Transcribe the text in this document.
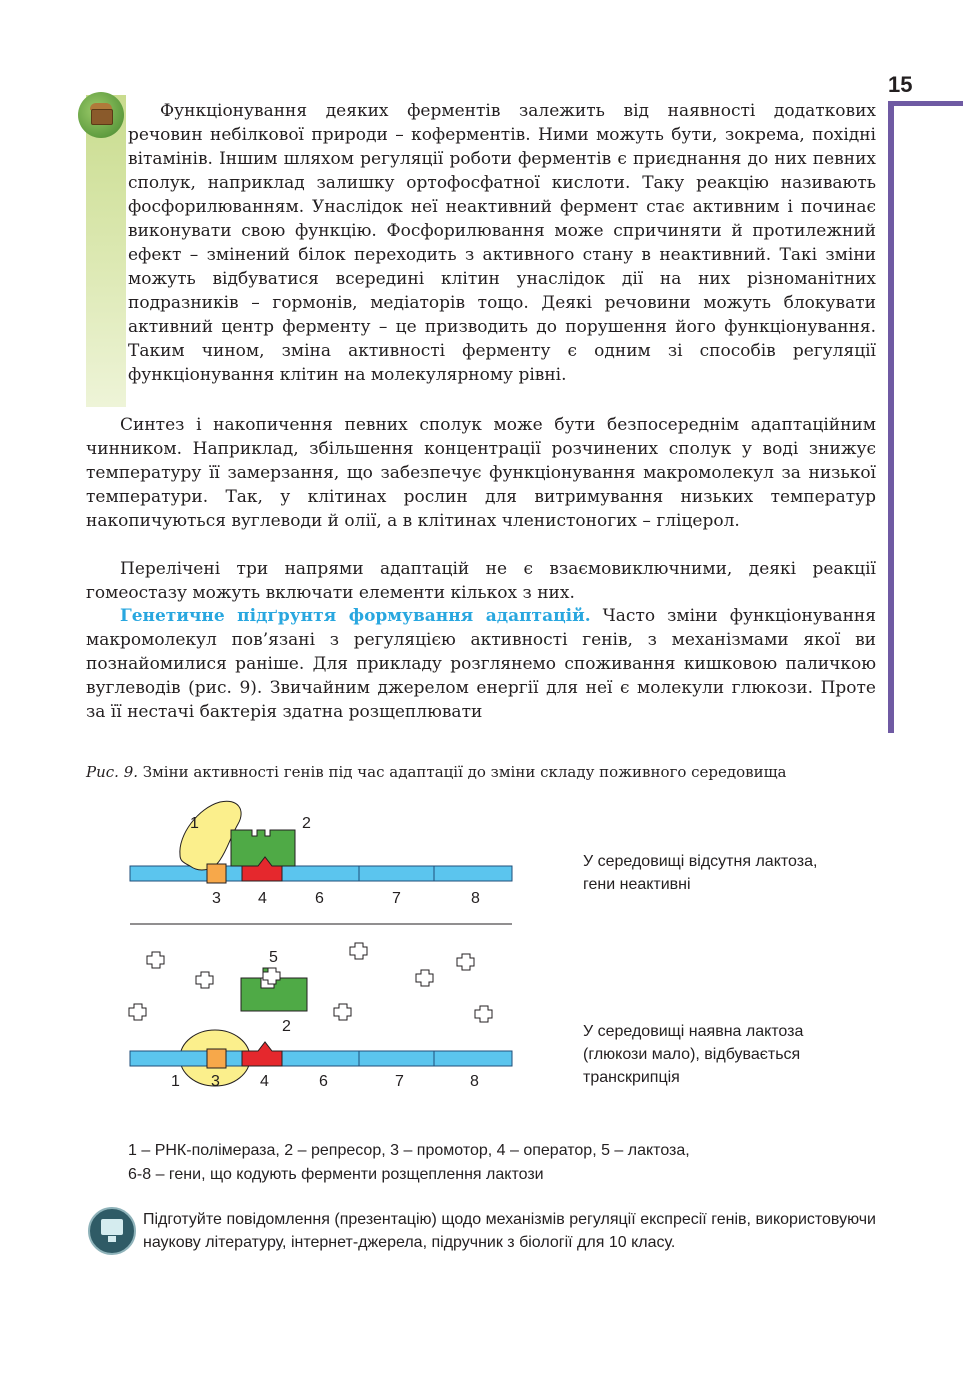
15

Функціонування деяких ферментів залежить від наявності додаткових речовин небілкової природи – коферментів. Ними можуть бути, зокрема, похідні вітамінів. Іншим шляхом регуляції роботи ферментів є приєднання до них певних сполук, наприклад залишку ортофосфатної кислоти. Таку реакцію називають фосфорилюванням. Унаслідок неї неактивний фермент стає активним і починає виконувати свою функцію. Фосфорилювання може спричиняти й протилежний ефект – змінений білок переходить з активного стану в неактивний. Такі зміни можуть відбуватися всередині клітин унаслідок дії на них різноманітних подразників – гормонів, медіаторів тощо. Деякі речовини можуть блокувати активний центр ферменту – це призводить до порушення його функціонування. Таким чином, зміна активності ферменту є одним зі способів регуляції функціонування клітин на молекулярному рівні.

Синтез і накопичення певних сполук може бути безпосереднім адаптаційним чинником. Наприклад, збільшення концентрації розчинених сполук у воді знижує температуру її замерзання, що забезпечує функціонування макромолекул за низької температури. Так, у клітинах рослин для витримування низьких температур накопичуються вуглеводи й олії, а в клітинах членистоногих – гліцерол.

Перелічені три напрями адаптацій не є взаємовиключними, деякі реакції гомеостазу можуть включати елементи кількох з них.

Генетичне підґрунтя формування адаптацій. Часто зміни функціонування макромолекул пов’язані з регуляцією активності генів, з механізмами якої ви познайомилися раніше. Для прикладу розглянемо споживання кишковою паличкою вуглеводів (рис. 9). Звичайним джерелом енергії для неї є молекули глюкози. Проте за її нестачі бактерія здатна розщеплювати

Рис. 9. Зміни активності генів під час адаптації до зміни складу поживного середовища
1	2
3 4	6	7	8
5
2
1 3	4	6	7	8
У середовищі відсутня лактоза,
гени неактивні
У середовищі наявна лактоза
(глюкози мало), відбувається
транскрипція
1 – РНК-полімераза, 2 – репресор, 3 – промотор, 4 – оператор, 5 – лактоза,
6-8 – гени, що кодують ферменти розщеплення лактози
Підготуйте повідомлення (презентацію) щодо механізмів регуляції експресії генів, використовуючи наукову літературу, інтернет-джерела, підручник з біології для 10 класу.
